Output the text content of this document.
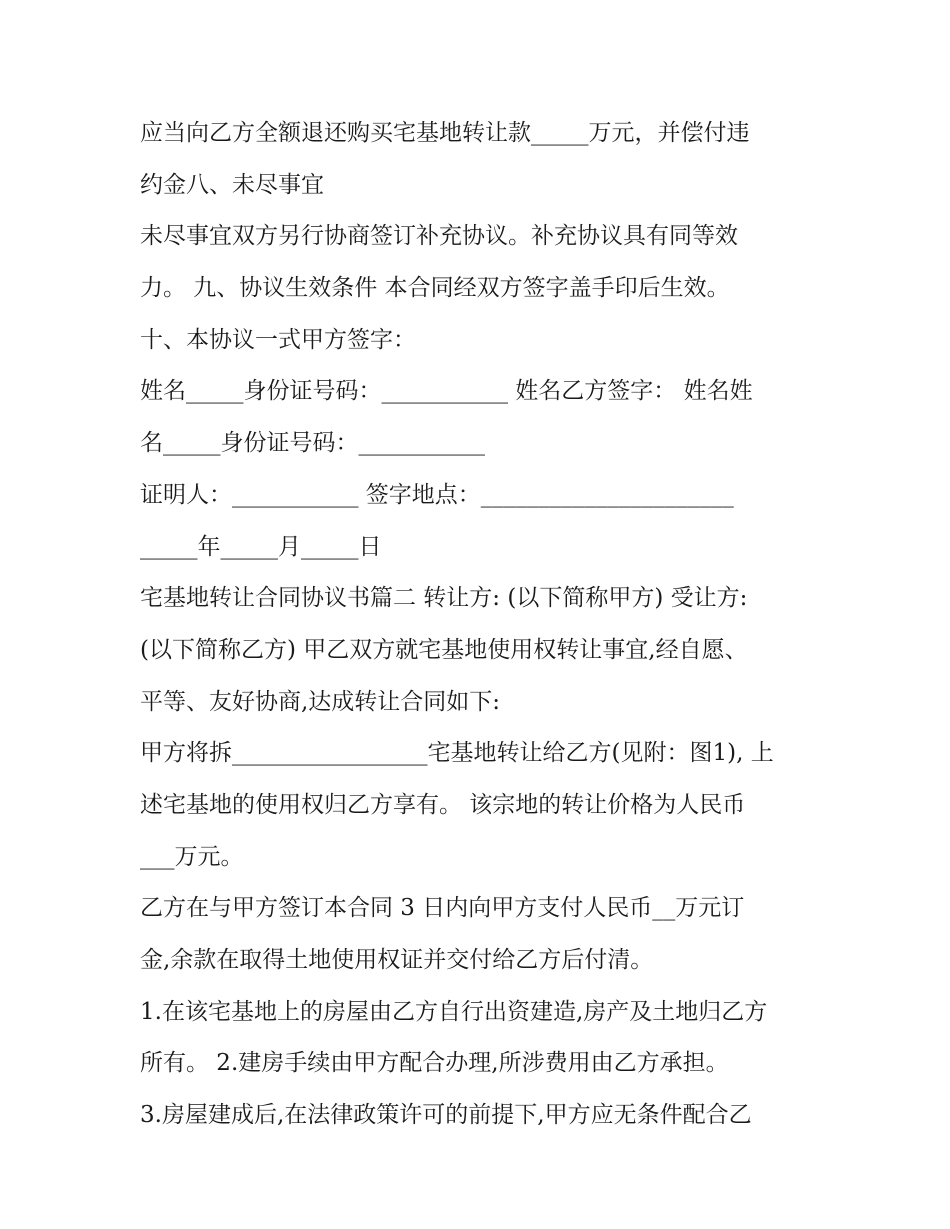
应当向乙方全额退还购买宅基地转让款_____万元，并偿付违
约金八、未尽事宜
未尽事宜双方另行协商签订补充协议。补充协议具有同等效
力。 九、协议生效条件 本合同经双方签字盖手印后生效。
十、本协议一式甲方签字：
姓名_____身份证号码：___________ 姓名乙方签字： 姓名姓
名_____身份证号码：___________
证明人：___________ 签字地点：______________________
_____年_____月_____日
宅基地转让合同协议书篇二 转让方: (以下简称甲方) 受让方:
(以下简称乙方) 甲乙双方就宅基地使用权转让事宜,经自愿、
平等、友好协商,达成转让合同如下:
甲方将拆_________________宅基地转让给乙方(见附：图1), 上
述宅基地的使用权归乙方享有。 该宗地的转让价格为人民币
___万元。
乙方在与甲方签订本合同 3 日内向甲方支付人民币__万元订
金,余款在取得土地使用权证并交付给乙方后付清。
1.在该宅基地上的房屋由乙方自行出资建造,房产及土地归乙方
所有。 2.建房手续由甲方配合办理,所涉费用由乙方承担。
3.房屋建成后,在法律政策许可的前提下,甲方应无条件配合乙
